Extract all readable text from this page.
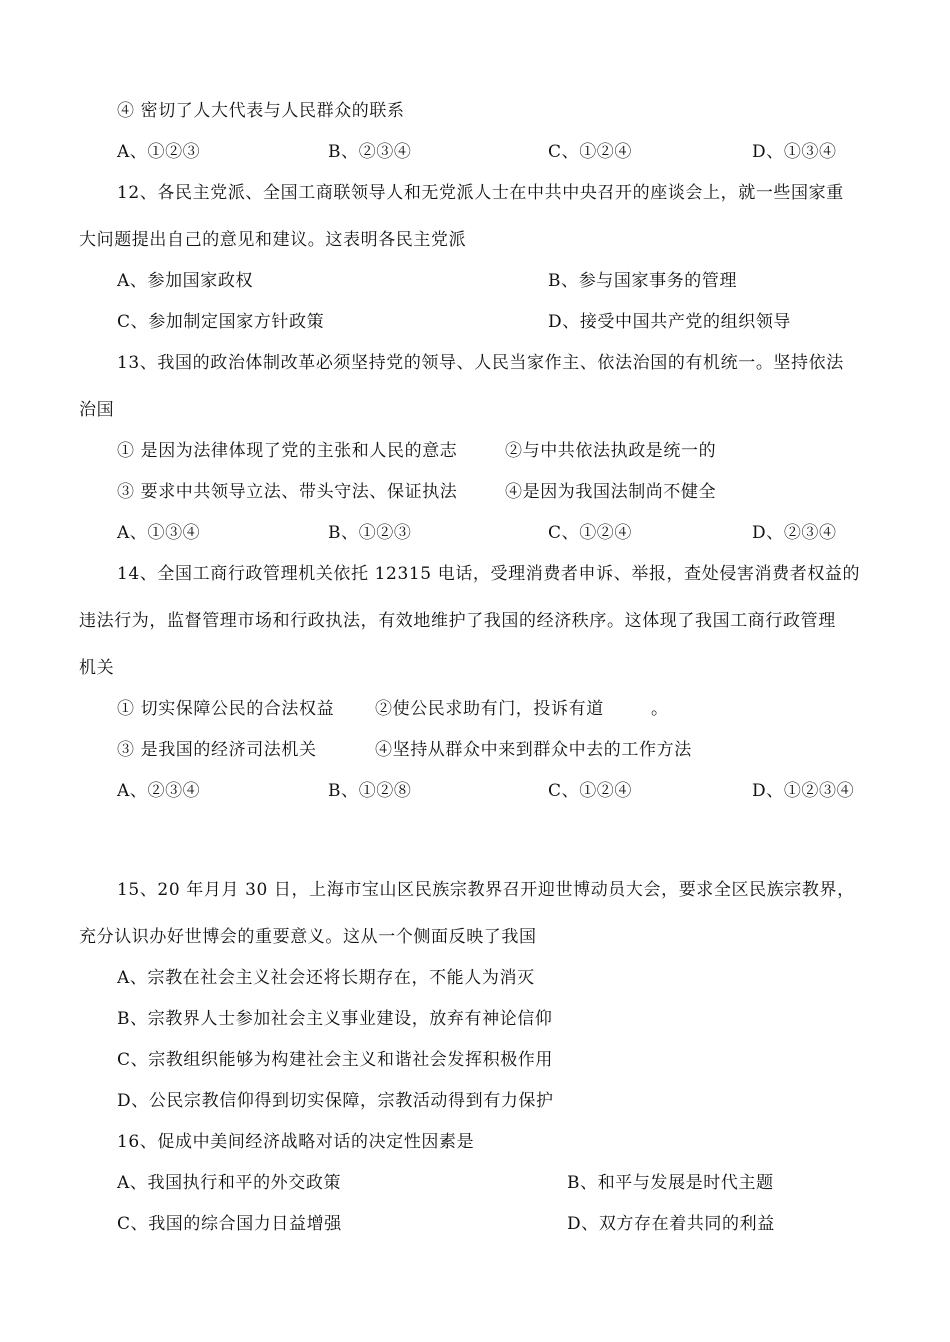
④ 密切了人大代表与人民群众的联系
A、①②③	B、②③④	C、①②④	D、①③④
12、各民主党派、全国工商联领导人和无党派人士在中共中央召开的座谈会上，就一些国家重
大问题提出自己的意见和建议。这表明各民主党派
A、参加国家政权	B、参与国家事务的管理
C、参加制定国家方针政策	D、接受中国共产党的组织领导
13、我国的政治体制改革必须坚持党的领导、人民当家作主、依法治国的有机统一。坚持依法
治国
① 是因为法律体现了党的主张和人民的意志	②与中共依法执政是统一的
③ 要求中共领导立法、带头守法、保证执法	④是因为我国法制尚不健全
A、①③④	B、①②③	C、①②④	D、②③④
14、全国工商行政管理机关依托 12315 电话，受理消费者申诉、举报，查处侵害消费者权益的
违法行为，监督管理市场和行政执法，有效地维护了我国的经济秩序。这体现了我国工商行政管理
机关
① 切实保障公民的合法权益 ②使公民求助有门，投诉有道	。
③ 是我国的经济司法机关	④坚持从群众中来到群众中去的工作方法
A、②③④	B、①②⑧	C、①②④	D、①②③④
15、20 年月月 30 日，上海市宝山区民族宗教界召开迎世博动员大会，要求全区民族宗教界，
充分认识办好世博会的重要意义。这从一个侧面反映了我国
A、宗教在社会主义社会还将长期存在，不能人为消灭
B、宗教界人士参加社会主义事业建设，放弃有神论信仰
C、宗教组织能够为构建社会主义和谐社会发挥积极作用
D、公民宗教信仰得到切实保障，宗教活动得到有力保护
16、促成中美间经济战略对话的决定性因素是
A、我国执行和平的外交政策	B、和平与发展是时代主题
C、我国的综合国力日益增强	D、双方存在着共同的利益
